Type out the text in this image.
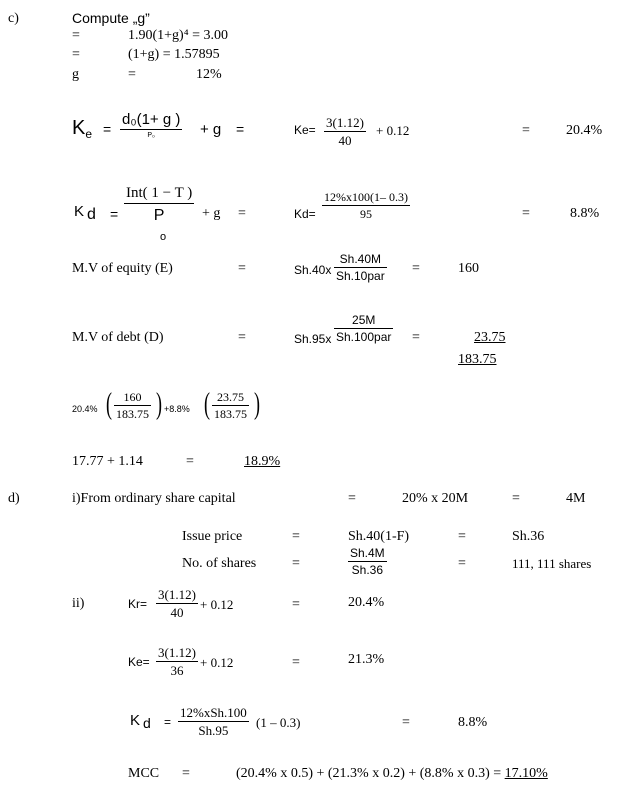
c)	Compute „g”
=	1.90(1+g)⁴ = 3.00
=	(1+g) = 1.57895
g	=	12%
$K_e$ =
d₀(1+ g )
P₀	+ g =	$Ke= \frac{3(1.12)}{40} + 0.12$	=	20.4%
K d =
Int( 1 − T )
P
o
+ g =	$Kd= \frac{12\%x100(1- 0.3)}{95}$	=	8.8%
M.V of equity (E)	=	Sh.40x
Sh.40M
Sh.10par =	160
M.V of debt (D)	=	Sh.95x
25M
Sh.100par =	23.75
183.75
20.4% ( $\frac{160}{183.75}$ ) +8.8% ( $\frac{23.75}{183.75}$ )
17.77 + 1.14	=	18.9%
d)	i)From ordinary share capital	=	20% x 20M	=	4M
Issue price	=	Sh.40(1-F)	=	Sh.36
No. of shares	=	$\frac{Sh.4M}{Sh.36}$	=	111, 111 shares
ii)	$Kr= \frac{3(1.12)}{40} + 0.12$	=	20.4%
$Ke= \frac{3(1.12)}{36} + 0.12$	=	21.3%
K d =
12%xSh.100
Sh.95
(1 – 0.3)	=	8.8%
MCC =	(20.4% x 0.5) + (21.3% x 0.2) + (8.8% x 0.3) = 17.10%
